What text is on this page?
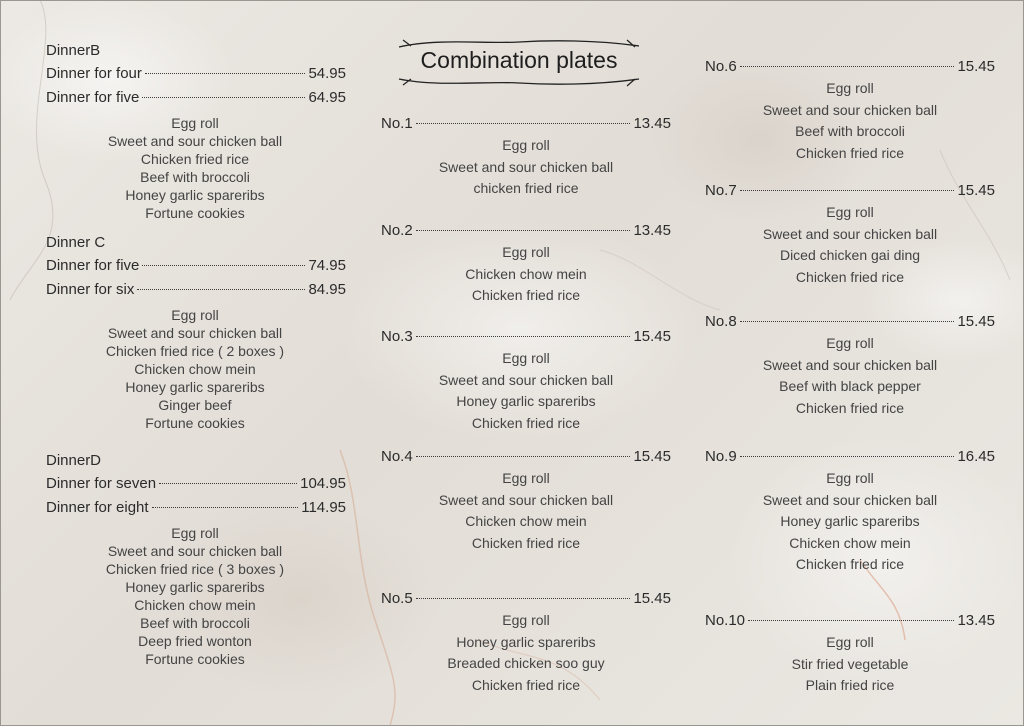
DinnerB
Dinner for four	54.95
Dinner for five	64.95
Egg roll
Sweet and sour chicken ball
Chicken fried rice
Beef with broccoli
Honey garlic spareribs
Fortune cookies
Dinner C
Dinner for five	74.95
Dinner for six	84.95
Egg roll
Sweet and sour chicken ball
Chicken fried rice ( 2 boxes )
Chicken chow mein
Honey garlic spareribs
Ginger beef
Fortune cookies
DinnerD
Dinner for seven	104.95
Dinner for eight	114.95
Egg roll
Sweet and sour chicken ball
Chicken fried rice ( 3 boxes )
Honey garlic spareribs
Chicken chow mein
Beef with broccoli
Deep fried wonton
Fortune cookies
Combination plates
No.1	13.45
Egg roll
Sweet and sour chicken ball
chicken fried rice
No.2	13.45
Egg roll
Chicken chow mein
Chicken fried rice
No.3	15.45
Egg roll
Sweet and sour chicken ball
Honey garlic spareribs
Chicken fried rice
No.4	15.45
Egg roll
Sweet and sour chicken ball
Chicken chow mein
Chicken fried rice
No.5	15.45
Egg roll
Honey garlic spareribs
Breaded chicken soo guy
Chicken fried rice
No.6	15.45
Egg roll
Sweet and sour chicken ball
Beef with broccoli
Chicken fried rice
No.7	15.45
Egg roll
Sweet and sour chicken ball
Diced chicken gai ding
Chicken fried rice
No.8	15.45
Egg roll
Sweet and sour chicken ball
Beef with black pepper
Chicken fried rice
No.9	16.45
Egg roll
Sweet and sour chicken ball
Honey garlic spareribs
Chicken chow mein
Chicken fried rice
No.10	13.45
Egg roll
Stir fried vegetable
Plain fried rice
